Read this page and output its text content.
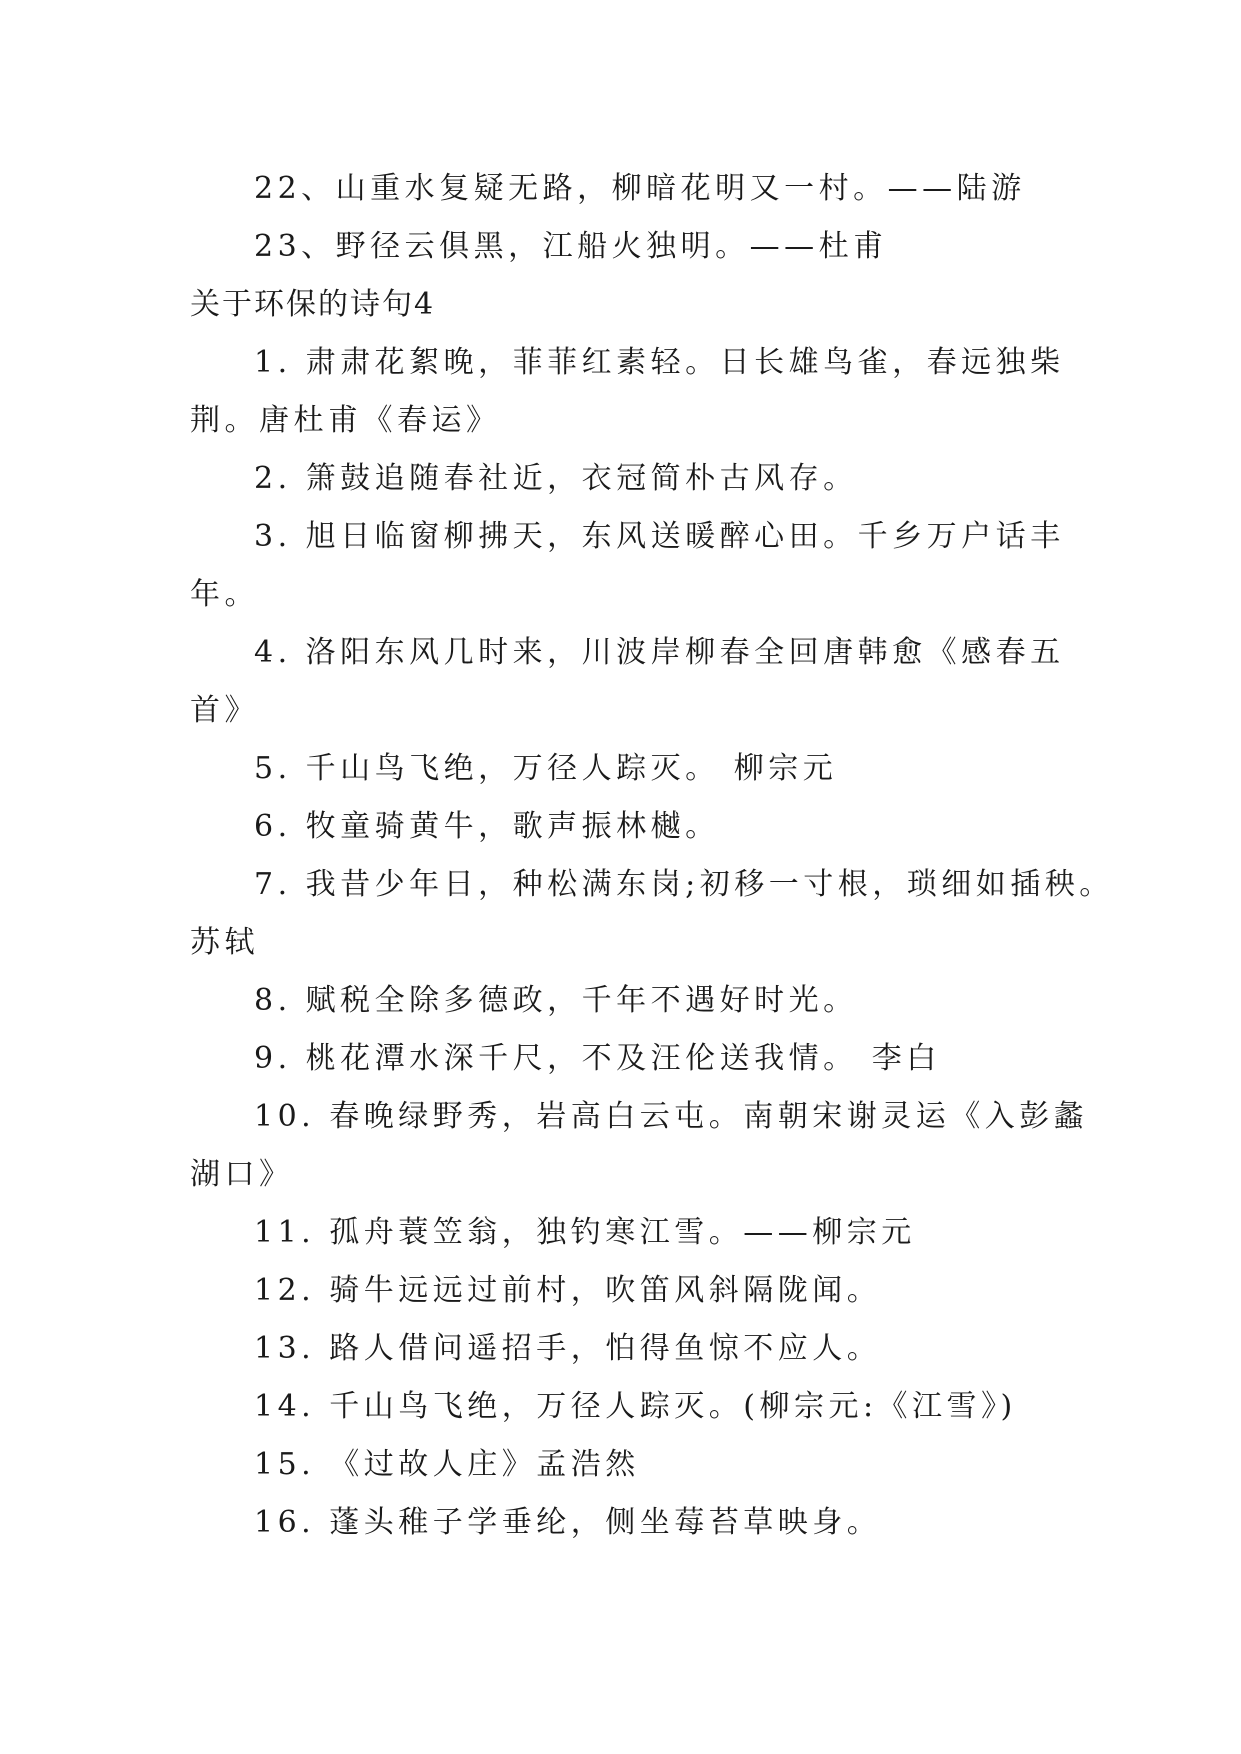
22、山重水复疑无路，柳暗花明又一村。——陆游
23、野径云俱黑，江船火独明。——杜甫
关于环保的诗句4
1. 肃肃花絮晚，菲菲红素轻。日长雄鸟雀，春远独柴
荆。唐杜甫《春运》
2. 箫鼓追随春社近，衣冠简朴古风存。
3. 旭日临窗柳拂天，东风送暖醉心田。千乡万户话丰
年。
4. 洛阳东风几时来，川波岸柳春全回唐韩愈《感春五
首》
5. 千山鸟飞绝，万径人踪灭。 柳宗元
6. 牧童骑黄牛，歌声振林樾。
7. 我昔少年日，种松满东岗;初移一寸根，琐细如插秧。
苏轼
8. 赋税全除多德政，千年不遇好时光。
9. 桃花潭水深千尺，不及汪伦送我情。 李白
10. 春晚绿野秀，岩高白云屯。南朝宋谢灵运《入彭蠡
湖口》
11. 孤舟蓑笠翁，独钓寒江雪。——柳宗元
12. 骑牛远远过前村，吹笛风斜隔陇闻。
13. 路人借问遥招手，怕得鱼惊不应人。
14. 千山鸟飞绝，万径人踪灭。(柳宗元:《江雪》)
15. 《过故人庄》孟浩然
16. 蓬头稚子学垂纶，侧坐莓苔草映身。
